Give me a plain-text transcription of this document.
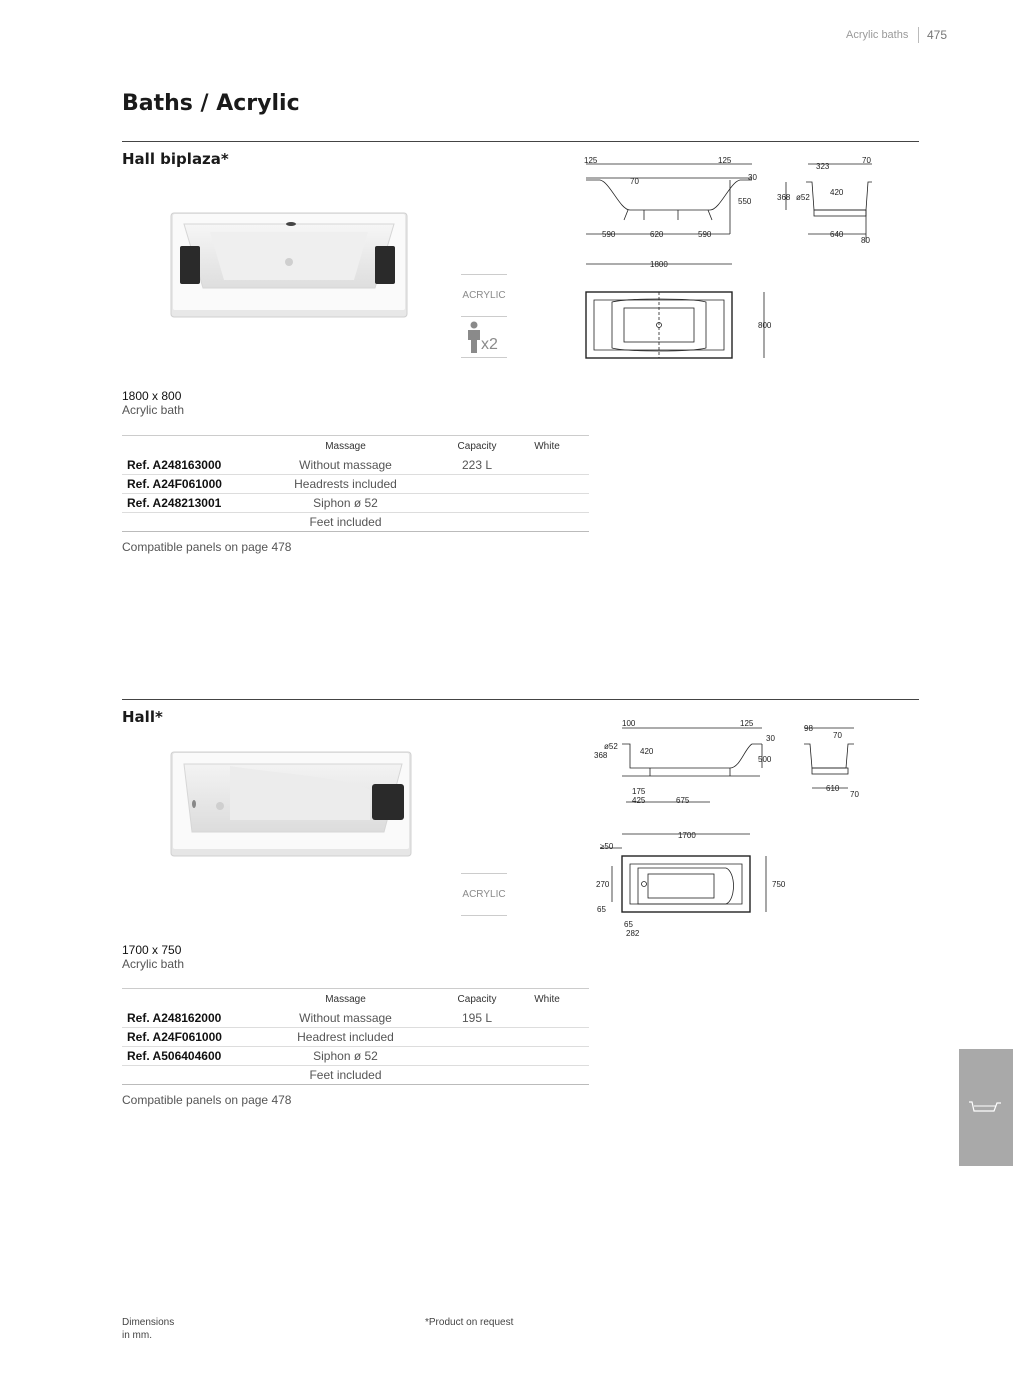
Acrylic baths 475
Baths / Acrylic
Hall biplaza*
ACRYLIC
x2
125	125
30
70
550
590	620	590
323
70
368 ø52
420
640
80
1800
800
1800 x 800
Acrylic bath
	Massage	Capacity	White
Ref. A248163000	Without massage	223 L	
Ref. A24F061000	Headrests included		
Ref. A248213001	Siphon ø 52		
	Feet included		
Compatible panels on page 478
Hall*
ACRYLIC
100	125
30
ø52
368	420
500
175
425	675
98
70
610
70
1700
≥50
270
65
65
282
750
1700 x 750
Acrylic bath
	Massage	Capacity	White
Ref. A248162000	Without massage	195 L	
Ref. A24F061000	Headrest included		
Ref. A506404600	Siphon ø 52		
	Feet included		
Compatible panels on page 478
Dimensions
in mm.
*Product on request
